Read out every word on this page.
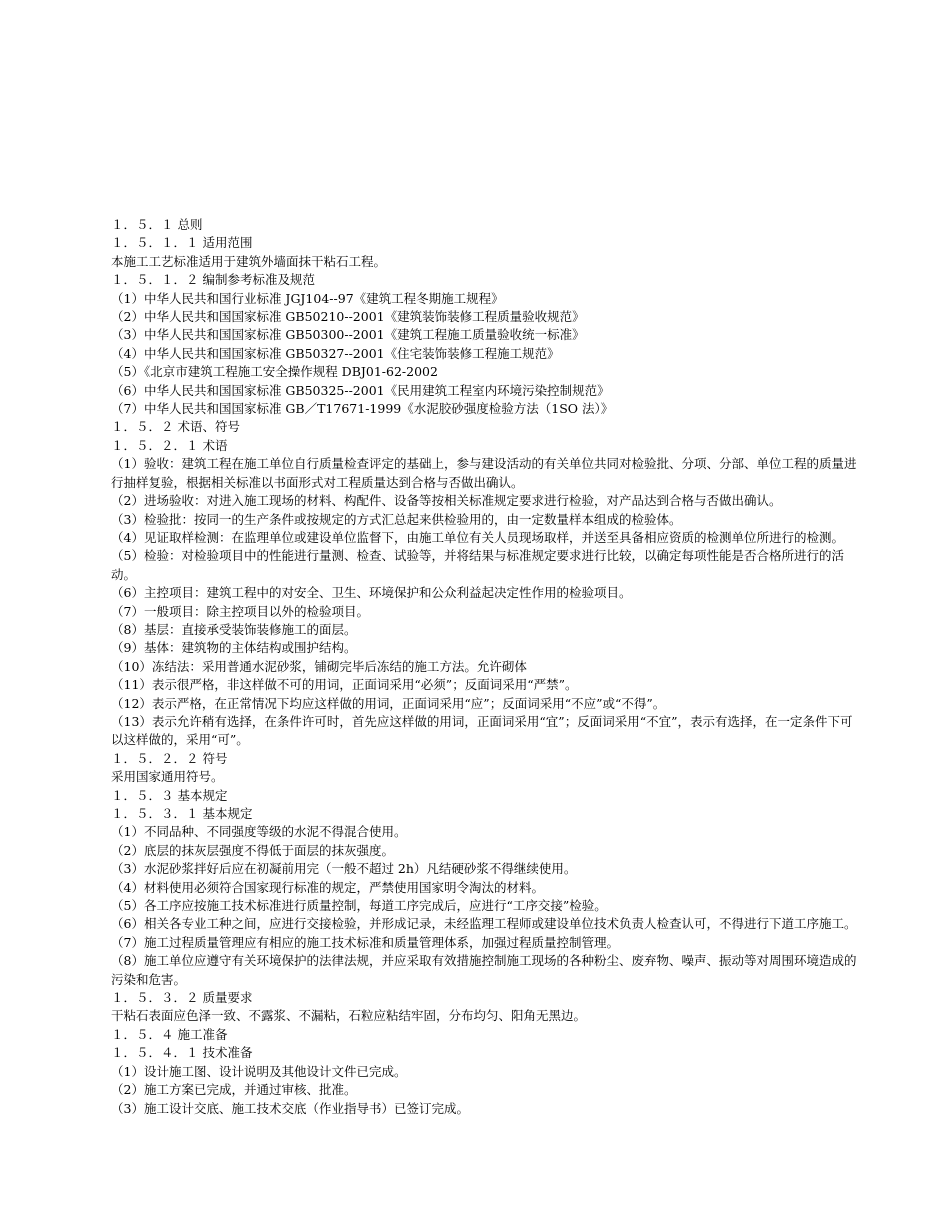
１．５．１ 总则

１．５．１．１ 适用范围

本施工工艺标准适用于建筑外墙面抹干粘石工程。

１．５．１．２ 编制参考标准及规范

（1）中华人民共和国行业标准 JGJ104--97《建筑工程冬期施工规程》

（2）中华人民共和国国家标准 GB50210--2001《建筑装饰装修工程质量验收规范》

（3）中华人民共和国国家标准 GB50300--2001《建筑工程施工质量验收统一标准》

（4）中华人民共和国国家标准 GB50327--2001《住宅装饰装修工程施工规范》

（5）《北京市建筑工程施工安全操作规程 DBJ01-62-2002

（6）中华人民共和国国家标准 GB50325--2001《民用建筑工程室内环境污染控制规范》

（7）中华人民共和国国家标准 GB／T17671-1999《水泥胶砂强度检验方法（1SO 法）》

１．５．２ 术语、符号

１．５．２．１ 术语

（1）验收：建筑工程在施工单位自行质量检查评定的基础上，参与建设活动的有关单位共同对检验批、分项、分部、单位工程的质量进行抽样复验，根据相关标准以书面形式对工程质量达到合格与否做出确认。

（2）进场验收：对进入施工现场的材料、构配件、设备等按相关标准规定要求进行检验，对产品达到合格与否做出确认。

（3）检验批：按同一的生产条件或按规定的方式汇总起来供检验用的，由一定数量样本组成的检验体。

（4）见证取样检测：在监理单位或建设单位监督下，由施工单位有关人员现场取样，并送至具备相应资质的检测单位所进行的检测。

（5）检验：对检验项目中的性能进行量测、检查、试验等，并将结果与标准规定要求进行比较，以确定每项性能是否合格所进行的活动。

（6）主控项目：建筑工程中的对安全、卫生、环境保护和公众利益起决定性作用的检验项目。

（7）一般项目：除主控项目以外的检验项目。

（8）基层：直接承受装饰装修施工的面层。

（9）基体：建筑物的主体结构或围护结构。

（10）冻结法：采用普通水泥砂浆，铺砌完毕后冻结的施工方法。允许砌体

（11）表示很严格，非这样做不可的用词，正面词采用“必须”；反面词采用“严禁”。

（12）表示严格，在正常情况下均应这样做的用词，正面词采用“应”；反面词采用“不应”或“不得”。

（13）表示允许稍有选择，在条件许可时，首先应这样做的用词，正面词采用“宜”；反面词采用“不宜”，表示有选择，在一定条件下可以这样做的，采用“可”。

１．５．２．２ 符号

采用国家通用符号。

１．５．３ 基本规定

１．５．３．１ 基本规定

（1）不同品种、不同强度等级的水泥不得混合使用。

（2）底层的抹灰层强度不得低于面层的抹灰强度。

（3）水泥砂浆拌好后应在初凝前用完（一般不超过 2h）凡结硬砂浆不得继续使用。

（4）材料使用必须符合国家现行标准的规定，严禁使用国家明令淘汰的材料。

（5）各工序应按施工技术标准进行质量控制，每道工序完成后，应进行“工序交接”检验。

（6）相关各专业工种之间，应进行交接检验，并形成记录，未经监理工程师或建设单位技术负责人检查认可，不得进行下道工序施工。

（7）施工过程质量管理应有相应的施工技术标准和质量管理体系，加强过程质量控制管理。

（8）施工单位应遵守有关环境保护的法律法规，并应采取有效措施控制施工现场的各种粉尘、废弃物、噪声、振动等对周围环境造成的污染和危害。

１．５．３．２ 质量要求

干粘石表面应色泽一致、不露浆、不漏粘，石粒应粘结牢固，分布均匀、阳角无黑边。

１．５．４ 施工准备

１．５．４．１ 技术准备

（1）设计施工图、设计说明及其他设计文件已完成。

（2）施工方案已完成，并通过审核、批准。

（3）施工设计交底、施工技术交底（作业指导书）已签订完成。
